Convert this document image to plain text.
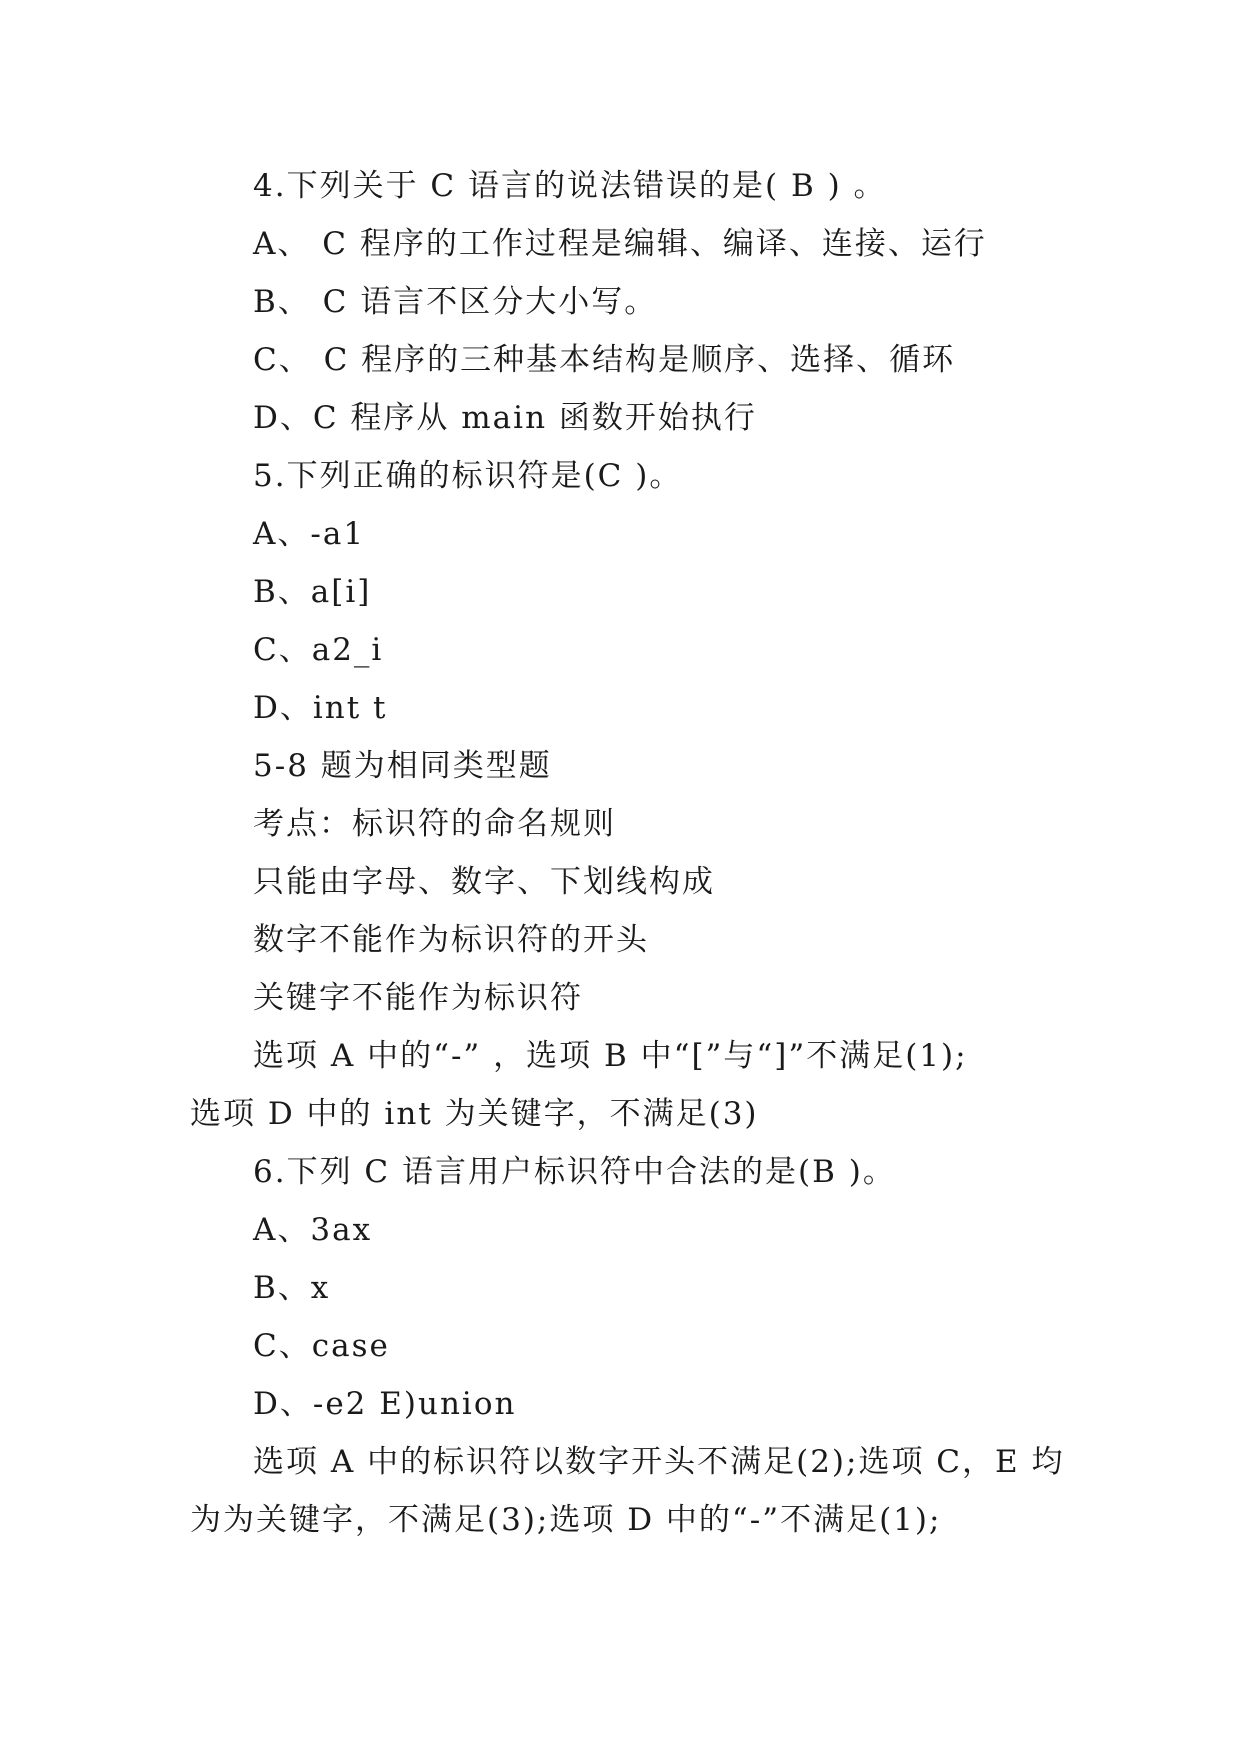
4.下列关于 C 语言的说法错误的是( B ) 。
A、 C 程序的工作过程是编辑、编译、连接、运行
B、 C 语言不区分大小写。
C、 C 程序的三种基本结构是顺序、选择、循环
D、C 程序从 main 函数开始执行
5.下列正确的标识符是(C )。
A、-a1
B、a[i]
C、a2_i
D、int t
5-8 题为相同类型题
考点：标识符的命名规则
只能由字母、数字、下划线构成
数字不能作为标识符的开头
关键字不能作为标识符
选项 A 中的“-” ，选项 B 中“[”与“]”不满足(1);
选项 D 中的 int 为关键字，不满足(3)
6.下列 C 语言用户标识符中合法的是(B )。
A、3ax
B、x
C、case
D、-e2 E)union
选项 A 中的标识符以数字开头不满足(2);选项 C，E 均
为为关键字，不满足(3);选项 D 中的“-”不满足(1);
